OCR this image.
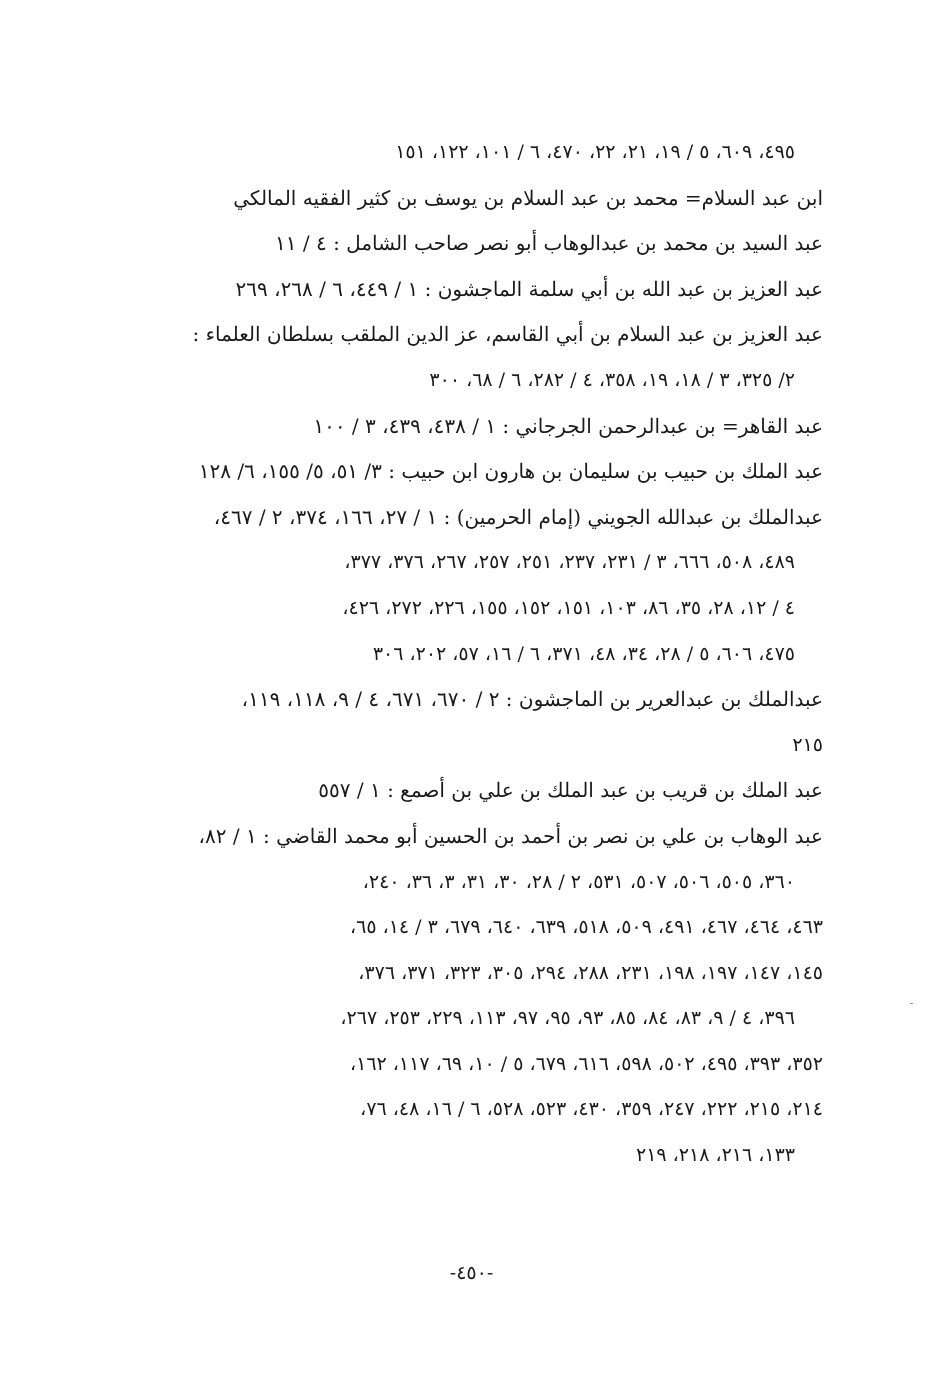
٤٩٥، ٦٠٩، ٥ / ١٩، ٢١، ٢٢، ٤٧٠، ٦ / ١٠١، ١٢٢، ١٥١
ابن عبد السلام= محمد بن عبد السلام بن يوسف بن كثير الفقيه المالكي
عبد السيد بن محمد بن عبدالوهاب أبو نصر صاحب الشامل : ٤ / ١١
عبد العزيز بن عبد الله بن أبي سلمة الماجشون : ١ / ٤٤٩، ٦ / ٢٦٨، ٢٦٩
عبد العزيز بن عبد السلام بن أبي القاسم، عز الدين الملقب بسلطان العلماء :
٢/ ٣٢٥، ٣ / ١٨، ١٩، ٣٥٨، ٤ / ٢٨٢، ٦ / ٦٨، ٣٠٠
عبد القاهر= بن عبدالرحمن الجرجاني : ١ / ٤٣٨، ٤٣٩، ٣ / ١٠٠
عبد الملك بن حبيب بن سليمان بن هارون ابن حبيب : ٣/ ٥١، ٥/ ١٥٥، ٦/ ١٢٨
عبدالملك بن عبدالله الجويني (إمام الحرمين) : ١ / ٢٧، ١٦٦، ٣٧٤، ٢ / ٤٦٧،
٤٨٩، ٥٠٨، ٦٦٦، ٣ / ٢٣١، ٢٣٧، ٢٥١، ٢٥٧، ٢٦٧، ٣٧٦، ٣٧٧،
٤ / ١٢، ٢٨، ٣٥، ٨٦، ١٠٣، ١٥١، ١٥٢، ١٥٥، ٢٢٦، ٢٧٢، ٤٢٦،
٤٧٥، ٦٠٦، ٥ / ٢٨، ٣٤، ٤٨، ٣٧١، ٦ / ١٦، ٥٧، ٢٠٢، ٣٠٦
عبدالملك بن عبدالعرير بن الماجشون : ٢ / ٦٧٠، ٦٧١، ٤ / ٩، ١١٨، ١١٩،
٢١٥
عبد الملك بن قريب بن عبد الملك بن علي بن أصمع : ١ / ٥٥٧
عبد الوهاب بن علي بن نصر بن أحمد بن الحسين أبو محمد القاضي : ١ / ٨٢،
٣٦٠، ٥٠٥، ٥٠٦، ٥٠٧، ٥٣١، ٢ / ٢٨، ٣٠، ٣١، ٣، ٣٦، ٢٤٠،
٤٦٣، ٤٦٤، ٤٦٧، ٤٩١، ٥٠٩، ٥١٨، ٦٣٩، ٦٤٠، ٦٧٩، ٣ / ١٤، ٦٥،
١٤٥، ١٤٧، ١٩٧، ١٩٨، ٢٣١، ٢٨٨، ٢٩٤، ٣٠٥، ٣٢٣، ٣٧١، ٣٧٦،
٣٩٦، ٤ / ٩، ٨٣، ٨٤، ٨٥، ٩٣، ٩٥، ٩٧، ١١٣، ٢٢٩، ٢٥٣، ٢٦٧،
٣٥٢، ٣٩٣، ٤٩٥، ٥٠٢، ٥٩٨، ٦١٦، ٦٧٩، ٥ / ١٠، ٦٩، ١١٧، ١٦٢،
٢١٤، ٢١٥، ٢٢٢، ٢٤٧، ٣٥٩، ٤٣٠، ٥٢٣، ٥٢٨، ٦ / ١٦، ٤٨، ٧٦،
١٣٣، ٢١٦، ٢١٨، ٢١٩
-٤٥٠-
